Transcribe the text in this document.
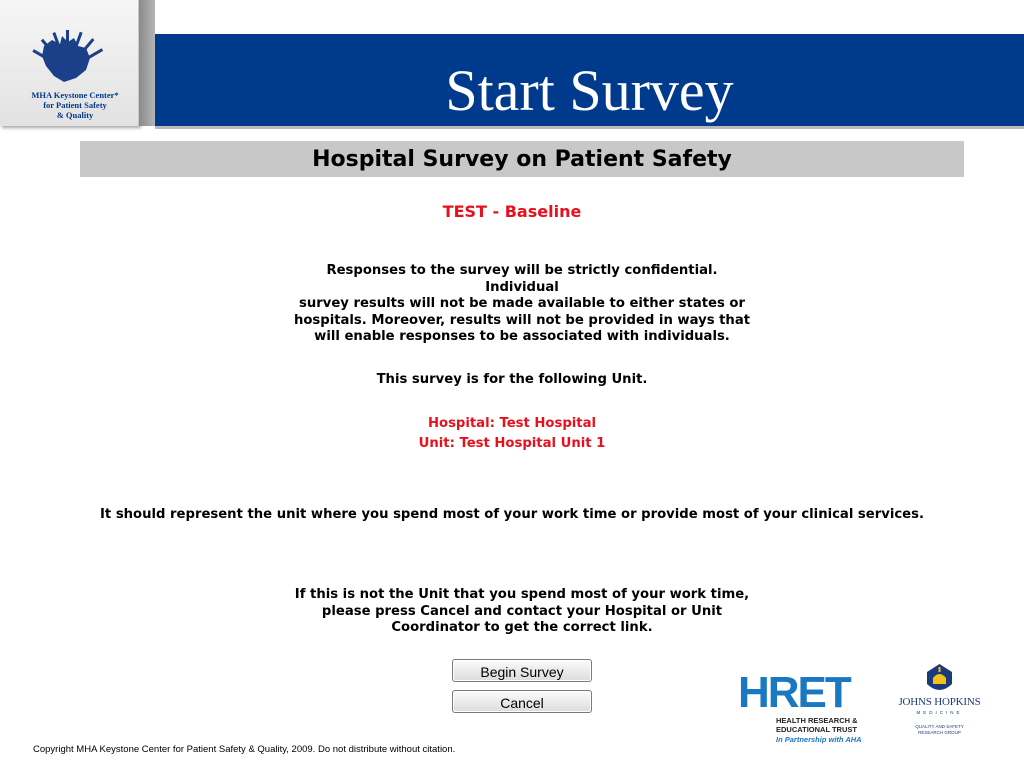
MHA Keystone Center*
for Patient Safety
& Quality	Start Survey
Hospital Survey on Patient Safety
TEST - Baseline
Responses to the survey will be strictly confidential. Individual
survey results will not be made available to either states or
hospitals. Moreover, results will not be provided in ways that
will enable responses to be associated with individuals.
This survey is for the following Unit.
Hospital: Test Hospital
Unit: Test Hospital Unit 1
It should represent the unit where you spend most of your work time or provide most of your clinical services.
If this is not the Unit that you spend most of your work time,
please press Cancel and contact your Hospital or Unit
Coordinator to get the correct link.
Begin Survey
Cancel
Copyright MHA Keystone Center for Patient Safety & Quality, 2009. Do not distribute without citation.
HRET
HEALTH RESEARCH &
EDUCATIONAL TRUST
In Partnership with AHA
JOHNS HOPKINS
MEDICINE
QUALITY AND SAFETY
RESEARCH GROUP
